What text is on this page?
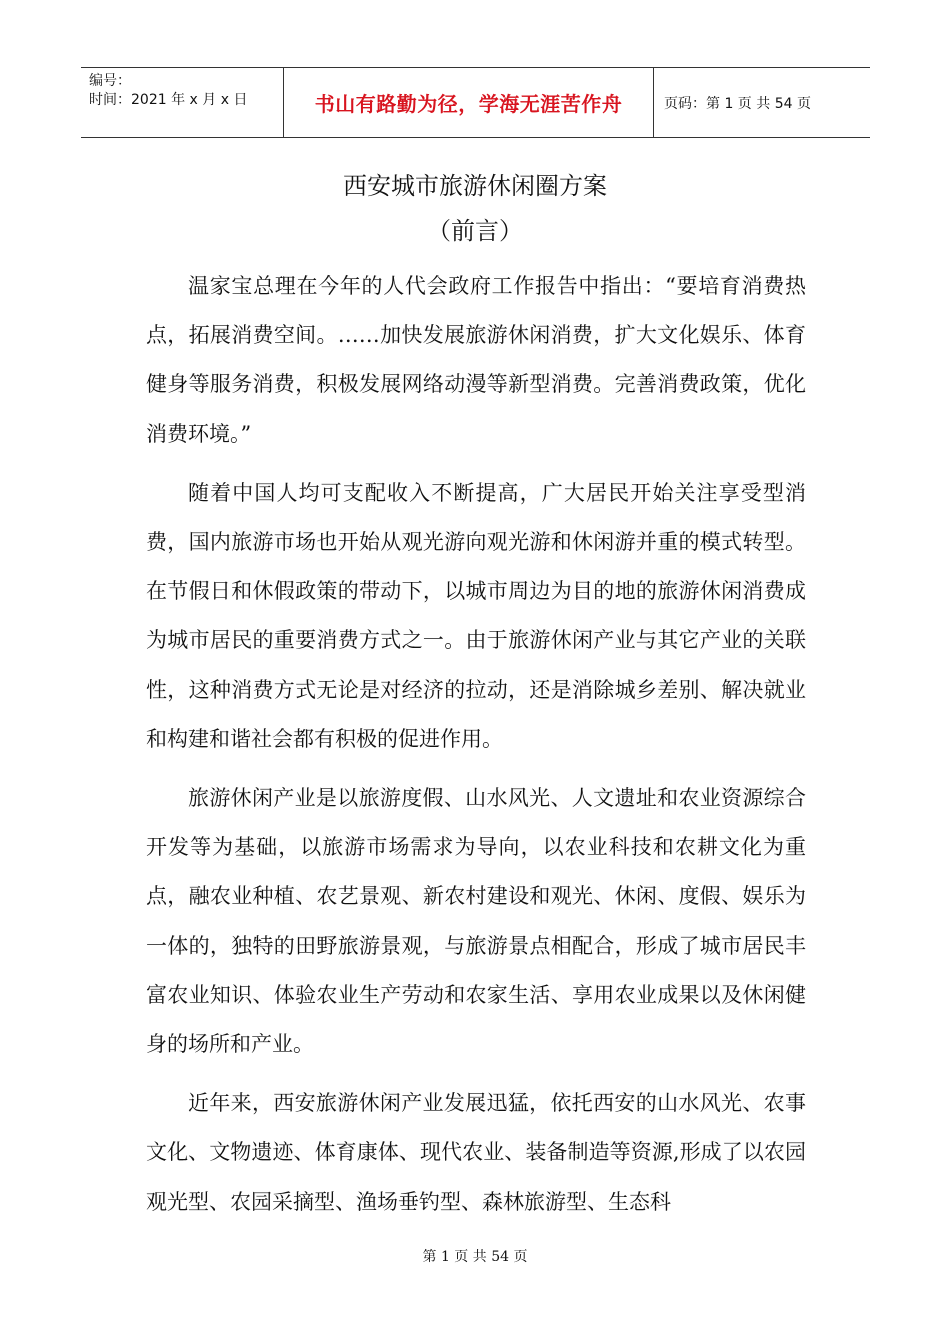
编号：
时间：2021 年 x 月 x 日	书山有路勤为径，学海无涯苦作舟	页码：第 1 页 共 54 页
西安城市旅游休闲圈方案
（前言）

温家宝总理在今年的人代会政府工作报告中指出：“要培育消费热点，拓展消费空间。……加快发展旅游休闲消费，扩大文化娱乐、体育健身等服务消费，积极发展网络动漫等新型消费。完善消费政策，优化消费环境。”

随着中国人均可支配收入不断提高，广大居民开始关注享受型消费，国内旅游市场也开始从观光游向观光游和休闲游并重的模式转型。在节假日和休假政策的带动下，以城市周边为目的地的旅游休闲消费成为城市居民的重要消费方式之一。由于旅游休闲产业与其它产业的关联性，这种消费方式无论是对经济的拉动，还是消除城乡差别、解决就业和构建和谐社会都有积极的促进作用。

旅游休闲产业是以旅游度假、山水风光、人文遗址和农业资源综合开发等为基础，以旅游市场需求为导向，以农业科技和农耕文化为重点，融农业种植、农艺景观、新农村建设和观光、休闲、度假、娱乐为一体的，独特的田野旅游景观，与旅游景点相配合，形成了城市居民丰富农业知识、体验农业生产劳动和农家生活、享用农业成果以及休闲健身的场所和产业。

近年来，西安旅游休闲产业发展迅猛，依托西安的山水风光、农事文化、文物遗迹、体育康体、现代农业、装备制造等资源,形成了以农园观光型、农园采摘型、渔场垂钓型、森林旅游型、生态科

第 1 页 共 54 页
